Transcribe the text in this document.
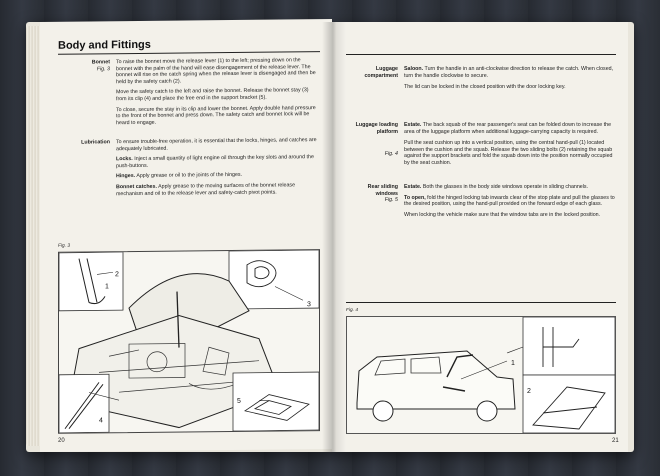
Body and Fittings
Bonnet
Fig. 3

To raise the bonnet move the release lever (1) to the left; pressing down on the bonnet with the palm of the hand will ease disengagement of the release lever. The bonnet will rise on the catch spring when the release lever is disengaged and then be held by the safety catch (2).

Move the safety catch to the left and raise the bonnet. Release the bonnet stay (3) from its clip (4) and place the free end in the support bracket (5).

To close, secure the stay in its clip and lower the bonnet. Apply double hand pressure to the front of the bonnet and press down. The safety catch and bonnet lock will be heard to engage.

Lubrication To ensure trouble-free operation, it is essential that the locks, hinges, and catches are adequately lubricated.

Locks. Inject a small quantity of light engine oil through the key slots and around the push-buttons.

Hinges. Apply grease or oil to the joints of the hinges.

Bonnet catches. Apply grease to the moving surfaces of the bonnet release mechanism and oil to the release lever and safety-catch pivot points.

Fig. 3
1
2
3
4
5
20
Luggage compartment

Saloon. Turn the handle in an anti-clockwise direction to release the catch. When closed, turn the handle clockwise to secure.

The lid can be locked in the closed position with the door locking key.

Luggage loading platform

Estate. The back squab of the rear passenger's seat can be folded down to increase the area of the luggage platform when additional luggage-carrying capacity is required.

Pull the seat cushion up into a vertical position, using the central hand-pull (1) located between the cushion and the squab. Release the two sliding bolts (2) retaining the squab against the support brackets and fold the squab down into the position normally occupied by the seat cushion.

Fig. 4
Rear sliding windows
Fig. 5

Estate. Both the glasses in the body side windows operate in sliding channels.

To open, fold the hinged locking tab inwards clear of the stop plate and pull the glasses to the desired position, using the hand-pull provided on the forward edge of each glass.

When locking the vehicle make sure that the window tabs are in the locked position.

Fig. 4
1
2
21
